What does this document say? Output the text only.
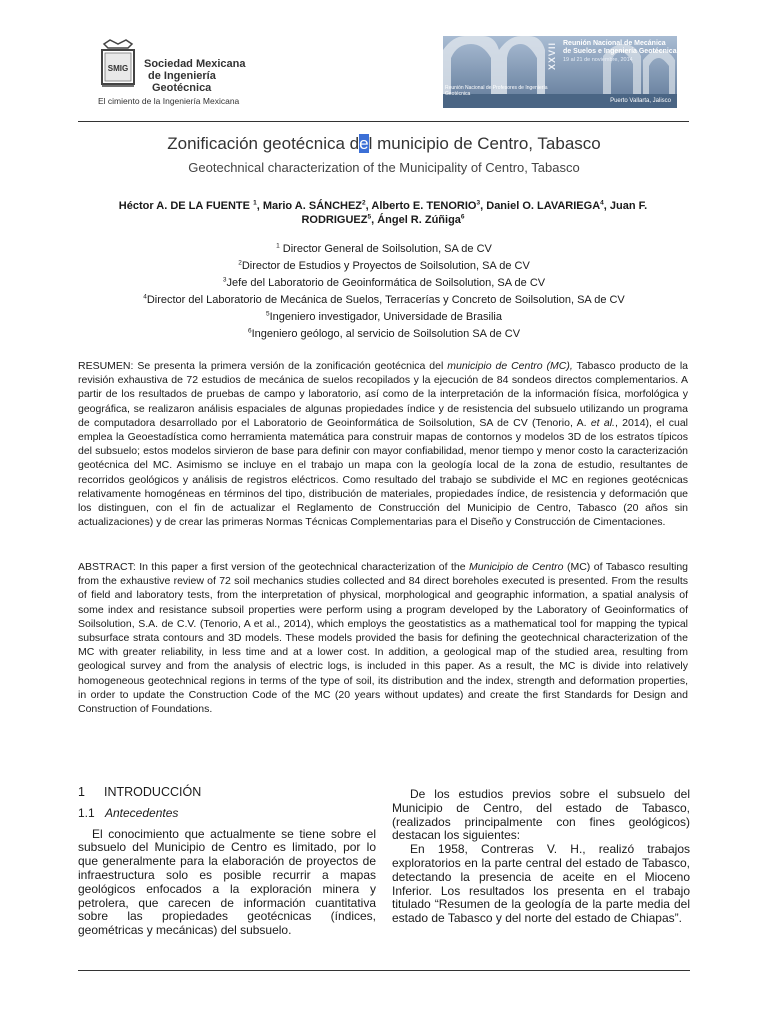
SMIG Sociedad Mexicana
de Ingeniería
Geotécnica
El cimiento de la Ingeniería Mexicana
XXVII Reunión Nacional de Mecánica
de Suelos e Ingeniería Geotécnica
19 al 21 de noviembre, 2014
Reunión Nacional de Profesores de Ingeniería
Geotécnica
Puerto Vallarta, Jalisco
Zonificación geotécnica del municipio de Centro, Tabasco
Geotechnical characterization of the Municipality of Centro, Tabasco
Héctor A. DE LA FUENTE $^1$, Mario A. SÁNCHEZ$^2$, Alberto E. TENORIO$^3$, Daniel O. LAVARIEGA$^4$, Juan F. RODRIGUEZ$^5$, Ángel R. Zúñiga$^6$
$^1$ Director General de Soilsolution, SA de CV
$^2$Director de Estudios y Proyectos de Soilsolution, SA de CV
$^3$Jefe del Laboratorio de Geoinformática de Soilsolution, SA de CV
$^4$Director del Laboratorio de Mecánica de Suelos, Terracerías y Concreto de Soilsolution, SA de CV
$^5$Ingeniero investigador, Universidade de Brasilia
$^6$Ingeniero geólogo, al servicio de Soilsolution SA de CV
RESUMEN: Se presenta la primera versión de la zonificación geotécnica del municipio de Centro (MC), Tabasco producto de la revisión exhaustiva de 72 estudios de mecánica de suelos recopilados y la ejecución de 84 sondeos directos complementarios. A partir de los resultados de pruebas de campo y laboratorio, así como de la interpretación de la información física, morfológica y geográfica, se realizaron análisis espaciales de algunas propiedades índice y de resistencia del subsuelo utilizando un programa de computadora desarrollado por el Laboratorio de Geoinformática de Soilsolution, SA de CV (Tenorio, A. et al., 2014), el cual emplea la Geoestadística como herramienta matemática para construir mapas de contornos y modelos 3D de los estratos típicos del subsuelo; estos modelos sirvieron de base para definir con mayor confiabilidad, menor tiempo y menor costo la caracterización geotécnica del MC. Asimismo se incluye en el trabajo un mapa con la geología local de la zona de estudio, resultantes de recorridos geológicos y análisis de registros eléctricos. Como resultado del trabajo se subdivide el MC en regiones geotécnicas relativamente homogéneas en términos del tipo, distribución de materiales, propiedades índice, de resistencia y deformación que los distinguen, con el fin de actualizar el Reglamento de Construcción del Municipio de Centro, Tabasco (20 años sin actualizaciones) y de crear las primeras Normas Técnicas Complementarias para el Diseño y Construcción de Cimentaciones.
ABSTRACT: In this paper a first version of the geotechnical characterization of the Municipio de Centro (MC) of Tabasco resulting from the exhaustive review of 72 soil mechanics studies collected and 84 direct boreholes executed is presented. From the results of field and laboratory tests, from the interpretation of physical, morphological and geographic information, a spatial analysis of some index and resistance subsoil properties were perform using a program developed by the Laboratory of Geoinformatics of Soilsolution, S.A. de C.V. (Tenorio, A et al., 2014), which employs the geostatistics as a mathematical tool for mapping the typical subsurface strata contours and 3D models. These models provided the basis for defining the geotechnical characterization of the MC with greater reliability, in less time and at a lower cost. In addition, a geological map of the studied area, resulting from geological survey and from the analysis of electric logs, is included in this paper. As a result, the MC is divide into relatively homogeneous geotechnical regions in terms of the type of soil, its distribution and the index, strength and deformation properties, in order to update the Construction Code of the MC (20 years without updates) and create the first Standards for Design and Construction of Foundations.
1 INTRODUCCIÓN
1.1 Antecedentes

El conocimiento que actualmente se tiene sobre el subsuelo del Municipio de Centro es limitado, por lo que generalmente para la elaboración de proyectos de infraestructura solo es posible recurrir a mapas geológicos enfocados a la exploración minera y petrolera, que carecen de información cuantitativa sobre las propiedades geotécnicas (índices, geométricas y mecánicas) del subsuelo.

De los estudios previos sobre el subsuelo del Municipio de Centro, del estado de Tabasco, (realizados principalmente con fines geológicos) destacan los siguientes:

En 1958, Contreras V. H., realizó trabajos exploratorios en la parte central del estado de Tabasco, detectando la presencia de aceite en el Mioceno Inferior. Los resultados los presenta en el trabajo titulado “Resumen de la geología de la parte media del estado de Tabasco y del norte del estado de Chiapas”.
